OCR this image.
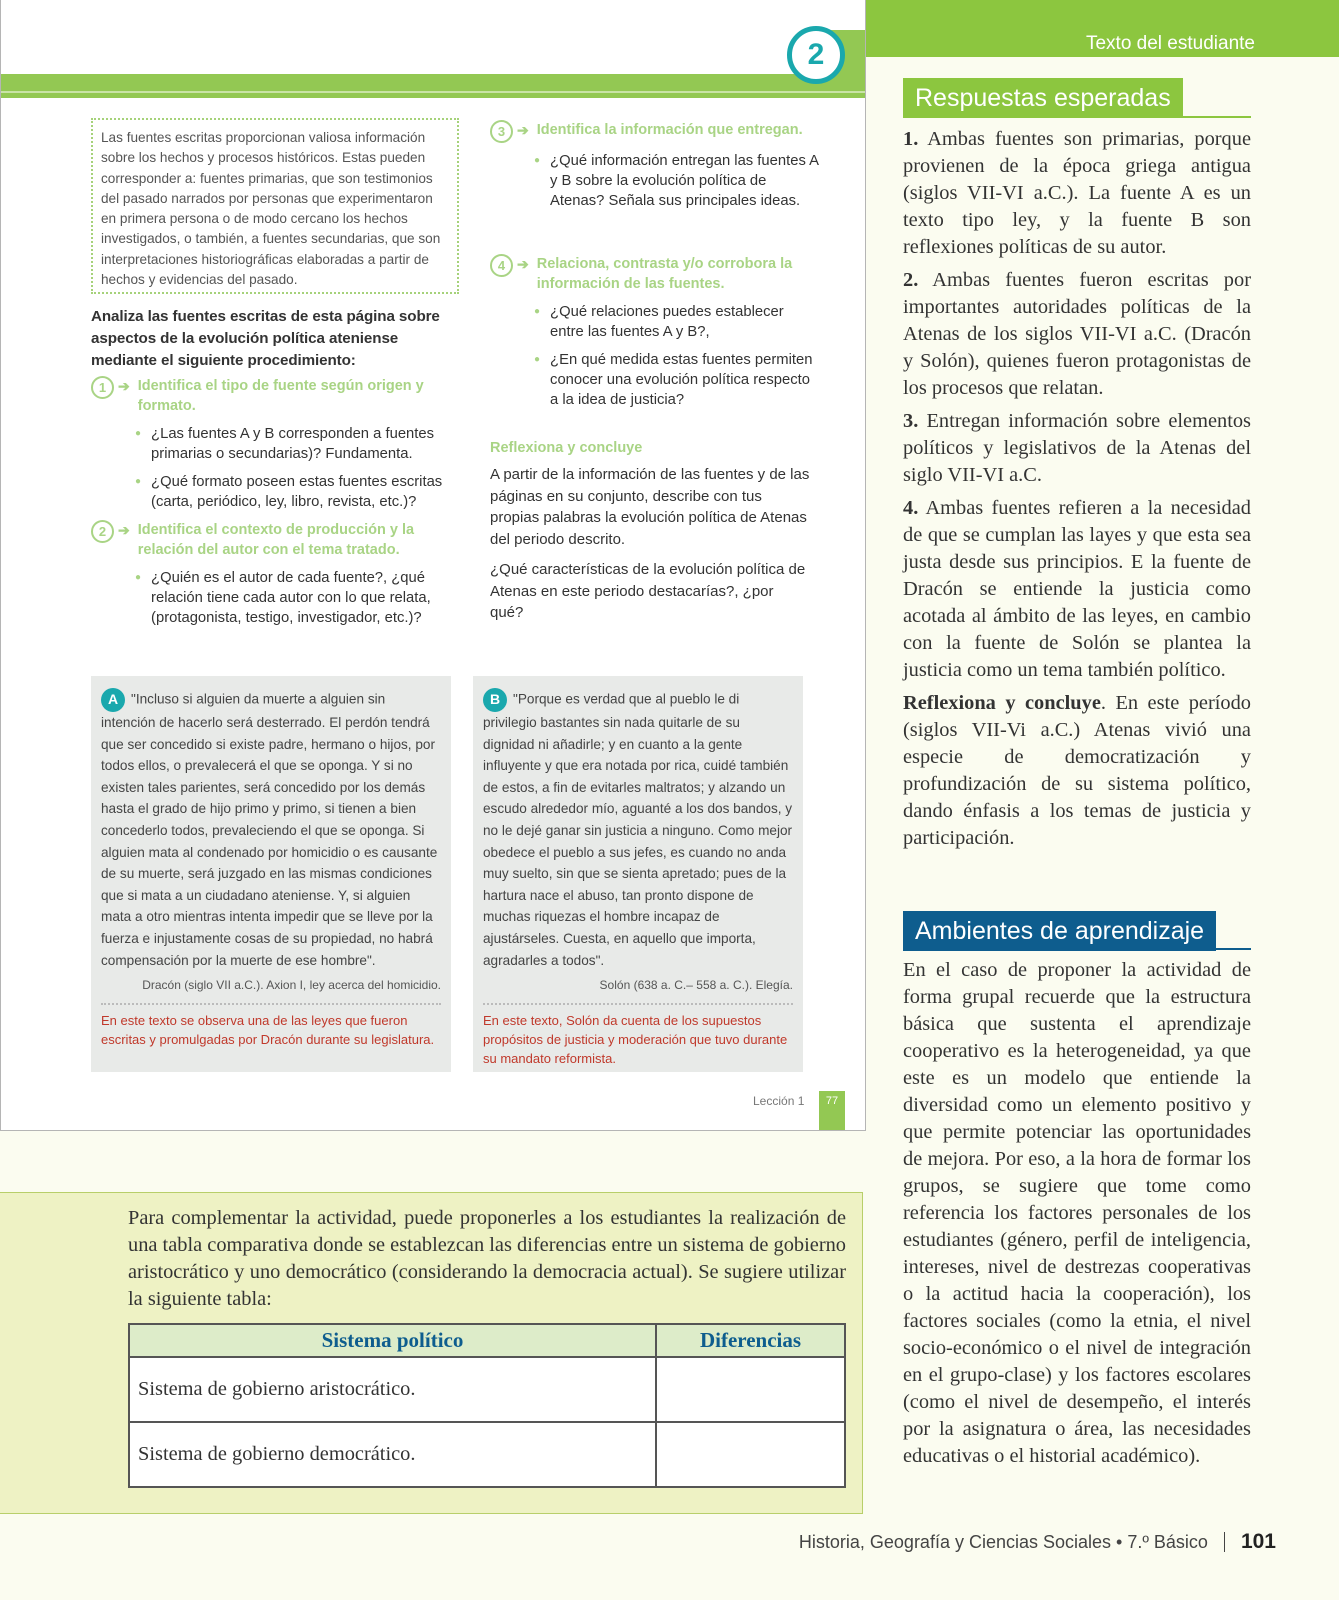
Texto del estudiante
2
Las fuentes escritas proporcionan valiosa información sobre los hechos y procesos históricos. Estas pueden corresponder a: fuentes primarias, que son testimonios del pasado narrados por personas que experimentaron en primera persona o de modo cercano los hechos investigados, o también, a fuentes secundarias, que son interpretaciones historiográficas elaboradas a partir de hechos y evidencias del pasado.
Analiza las fuentes escritas de esta página sobre aspectos de la evolución política ateniense mediante el siguiente procedimiento:
1 ➔ Identifica el tipo de fuente según origen y formato.
● ¿Las fuentes A y B corresponden a fuentes primarias o secundarias)? Fundamenta.
● ¿Qué formato poseen estas fuentes escritas (carta, periódico, ley, libro, revista, etc.)?
2 ➔ Identifica el contexto de producción y la relación del autor con el tema tratado.
● ¿Quién es el autor de cada fuente?, ¿qué relación tiene cada autor con lo que relata, (protagonista, testigo, investigador, etc.)?
3 ➔ Identifica la información que entregan.
● ¿Qué información entregan las fuentes A y B sobre la evolución política de Atenas? Señala sus principales ideas.
4 ➔ Relaciona, contrasta y/o corrobora la información de las fuentes.
● ¿Qué relaciones puedes establecer entre las fuentes A y B?,
● ¿En qué medida estas fuentes permiten conocer una evolución política respecto a la idea de justicia?
Reflexiona y concluye
A partir de la información de las fuentes y de las páginas en su conjunto, describe con tus propias palabras la evolución política de Atenas del periodo descrito.
¿Qué características de la evolución política de Atenas en este periodo destacarías?, ¿por qué?
A "Incluso si alguien da muerte a alguien sin intención de hacerlo será desterrado. El perdón tendrá que ser concedido si existe padre, hermano o hijos, por todos ellos, o prevalecerá el que se oponga. Y si no existen tales parientes, será concedido por los demás hasta el grado de hijo primo y primo, si tienen a bien concederlo todos, prevaleciendo el que se oponga. Si alguien mata al condenado por homicidio o es causante de su muerte, será juzgado en las mismas condiciones que si mata a un ciudadano ateniense. Y, si alguien mata a otro mientras intenta impedir que se lleve por la fuerza e injustamente cosas de su propiedad, no habrá compensación por la muerte de ese hombre".
Dracón (siglo VII a.C.). Axion I, ley acerca del homicidio.
En este texto se observa una de las leyes que fueron escritas y promulgadas por Dracón durante su legislatura.
B "Porque es verdad que al pueblo le di privilegio bastantes sin nada quitarle de su dignidad ni añadirle; y en cuanto a la gente influyente y que era notada por rica, cuidé también de estos, a fin de evitarles maltratos; y alzando un escudo alrededor mío, aguanté a los dos bandos, y no le dejé ganar sin justicia a ninguno. Como mejor obedece el pueblo a sus jefes, es cuando no anda muy suelto, sin que se sienta apretado; pues de la hartura nace el abuso, tan pronto dispone de muchas riquezas el hombre incapaz de ajustárseles. Cuesta, en aquello que importa, agradarles a todos".
Solón (638 a. C.– 558 a. C.). Elegía.
En este texto, Solón da cuenta de los supuestos propósitos de justicia y moderación que tuvo durante su mandato reformista.
Lección 1	77
Respuestas esperadas

1. Ambas fuentes son primarias, porque provienen de la época griega antigua (siglos VII-VI a.C.). La fuente A es un texto tipo ley, y la fuente B son reflexiones políticas de su autor.

2. Ambas fuentes fueron escritas por importantes autoridades políticas de la Atenas de los siglos VII-VI a.C. (Dracón y Solón), quienes fueron protagonistas de los procesos que relatan.

3. Entregan información sobre elementos políticos y legislativos de la Atenas del siglo VII-VI a.C.

4. Ambas fuentes refieren a la necesidad de que se cumplan las layes y que esta sea justa desde sus principios. E la fuente de Dracón se entiende la justicia como acotada al ámbito de las leyes, en cambio con la fuente de Solón se plantea la justicia como un tema también político.

Reflexiona y concluye. En este período (siglos VII-Vi a.C.) Atenas vivió una especie de democratización y profundización de su sistema político, dando énfasis a los temas de justicia y participación.

Ambientes de aprendizaje
En el caso de proponer la actividad de forma grupal recuerde que la estructura básica que sustenta el aprendizaje cooperativo es la heterogeneidad, ya que este es un modelo que entiende la diversidad como un elemento positivo y que permite potenciar las oportunidades de mejora. Por eso, a la hora de formar los grupos, se sugiere que tome como referencia los factores personales de los estudiantes (género, perfil de inteligencia, intereses, nivel de destrezas cooperativas o la actitud hacia la cooperación), los factores sociales (como la etnia, el nivel socio-económico o el nivel de integración en el grupo-clase) y los factores escolares (como el nivel de desempeño, el interés por la asignatura o área, las necesidades educativas o el historial académico).
Para complementar la actividad, puede proponerles a los estudiantes la realización de una tabla comparativa donde se establezcan las diferencias entre un sistema de gobierno aristocrático y uno democrático (considerando la democracia actual). Se sugiere utilizar la siguiente tabla:
Sistema político	Diferencias
Sistema de gobierno aristocrático.	
Sistema de gobierno democrático.	
Historia, Geografía y Ciencias Sociales • 7.º Básico 101
